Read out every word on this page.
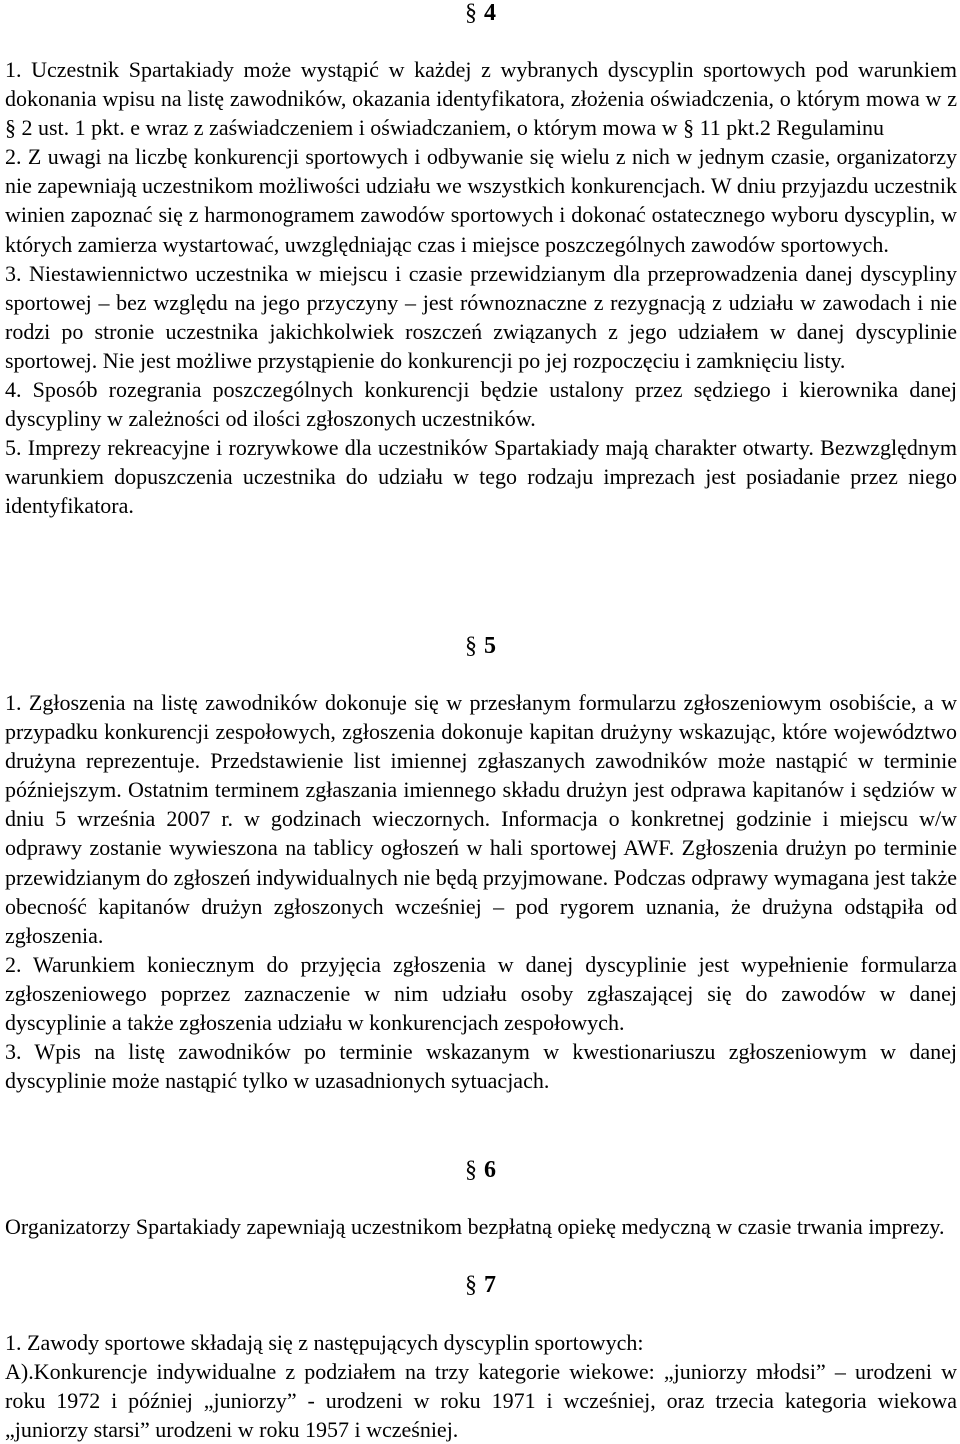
§ 4

1. Uczestnik Spartakiady może wystąpić w każdej z wybranych dyscyplin sportowych pod warunkiem dokonania wpisu na listę zawodników, okazania identyfikatora, złożenia oświadczenia, o którym mowa w z § 2 ust. 1 pkt. e wraz z zaświadczeniem i oświadczaniem, o którym mowa w § 11 pkt.2 Regulaminu

2. Z uwagi na liczbę konkurencji sportowych i odbywanie się wielu z nich w jednym czasie, organizatorzy nie zapewniają uczestnikom możliwości udziału we wszystkich konkurencjach. W dniu przyjazdu uczestnik winien zapoznać się z harmonogramem zawodów sportowych i dokonać ostatecznego wyboru dyscyplin, w których zamierza wystartować, uwzględniając czas i miejsce poszczególnych zawodów sportowych.

3. Niestawiennictwo uczestnika w miejscu i czasie przewidzianym dla przeprowadzenia danej dyscypliny sportowej – bez względu na jego przyczyny – jest równoznaczne z rezygnacją z udziału w zawodach i nie rodzi po stronie uczestnika jakichkolwiek roszczeń związanych z jego udziałem w danej dyscyplinie sportowej. Nie jest możliwe przystąpienie do konkurencji po jej rozpoczęciu i zamknięciu listy.

4. Sposób rozegrania poszczególnych konkurencji będzie ustalony przez sędziego i kierownika danej dyscypliny w zależności od ilości zgłoszonych uczestników.

5. Imprezy rekreacyjne i rozrywkowe dla uczestników Spartakiady mają charakter otwarty. Bezwzględnym warunkiem dopuszczenia uczestnika do udziału w tego rodzaju imprezach jest posiadanie przez niego identyfikatora.

§ 5

1. Zgłoszenia na listę zawodników dokonuje się w przesłanym formularzu zgłoszeniowym osobiście, a w przypadku konkurencji zespołowych, zgłoszenia dokonuje kapitan drużyny wskazując, które województwo drużyna reprezentuje. Przedstawienie list imiennej zgłaszanych zawodników może nastąpić w terminie późniejszym. Ostatnim terminem zgłaszania imiennego składu drużyn jest odprawa kapitanów i sędziów w dniu 5 września 2007 r. w godzinach wieczornych. Informacja o konkretnej godzinie i miejscu w/w odprawy zostanie wywieszona na tablicy ogłoszeń w hali sportowej AWF. Zgłoszenia drużyn po terminie przewidzianym do zgłoszeń indywidualnych nie będą przyjmowane. Podczas odprawy wymagana jest także obecność kapitanów drużyn zgłoszonych wcześniej – pod rygorem uznania, że drużyna odstąpiła od zgłoszenia.

2. Warunkiem koniecznym do przyjęcia zgłoszenia w danej dyscyplinie jest wypełnienie formularza zgłoszeniowego poprzez zaznaczenie w nim udziału osoby zgłaszającej się do zawodów w danej dyscyplinie a także zgłoszenia udziału w konkurencjach zespołowych.

3. Wpis na listę zawodników po terminie wskazanym w kwestionariuszu zgłoszeniowym w danej dyscyplinie może nastąpić tylko w uzasadnionych sytuacjach.

§ 6

Organizatorzy Spartakiady zapewniają uczestnikom bezpłatną opiekę medyczną w czasie trwania imprezy.

§ 7

1. Zawody sportowe składają się z następujących dyscyplin sportowych:

A).Konkurencje indywidualne z podziałem na trzy kategorie wiekowe: „juniorzy młodsi” – urodzeni w roku 1972 i później „juniorzy” - urodzeni w roku 1971 i wcześniej, oraz trzecia kategoria wiekowa „juniorzy starsi” urodzeni w roku 1957 i wcześniej.
